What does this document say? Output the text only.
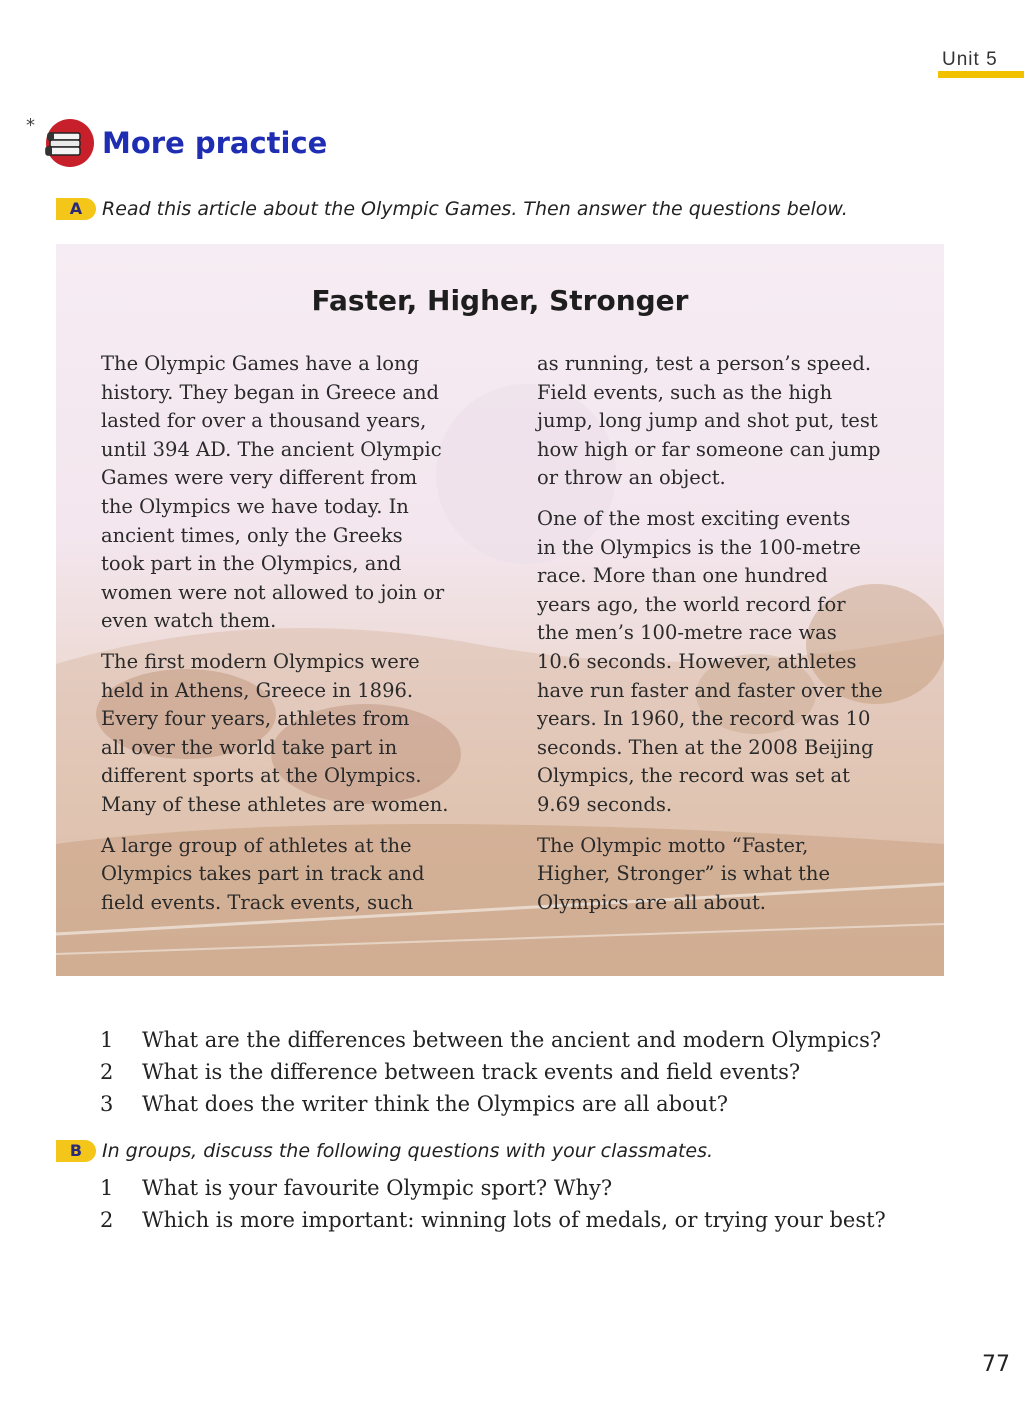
Unit 5
*
More practice
A	Read this article about the Olympic Games. Then answer the questions below.
Faster, Higher, Stronger

The Olympic Games have a long
history. They began in Greece and
lasted for over a thousand years,
until 394 AD. The ancient Olympic
Games were very different from
the Olympics we have today. In
ancient times, only the Greeks
took part in the Olympics, and
women were not allowed to join or
even watch them.

The first modern Olympics were
held in Athens, Greece in 1896.
Every four years, athletes from
all over the world take part in
different sports at the Olympics.
Many of these athletes are women.

A large group of athletes at the
Olympics takes part in track and
field events. Track events, such

as running, test a person’s speed.
Field events, such as the high
jump, long jump and shot put, test
how high or far someone can jump
or throw an object.

One of the most exciting events
in the Olympics is the 100-metre
race. More than one hundred
years ago, the world record for
the men’s 100-metre race was
10.6 seconds. However, athletes
have run faster and faster over the
years. In 1960, the record was 10
seconds. Then at the 2008 Beijing
Olympics, the record was set at
9.69 seconds.

The Olympic motto “Faster,
Higher, Stronger” is what the
Olympics are all about.

1	What are the differences between the ancient and modern Olympics?
2	What is the difference between track events and field events?
3	What does the writer think the Olympics are all about?
B	In groups, discuss the following questions with your classmates.
1	What is your favourite Olympic sport? Why?
2	Which is more important: winning lots of medals, or trying your best?
77
